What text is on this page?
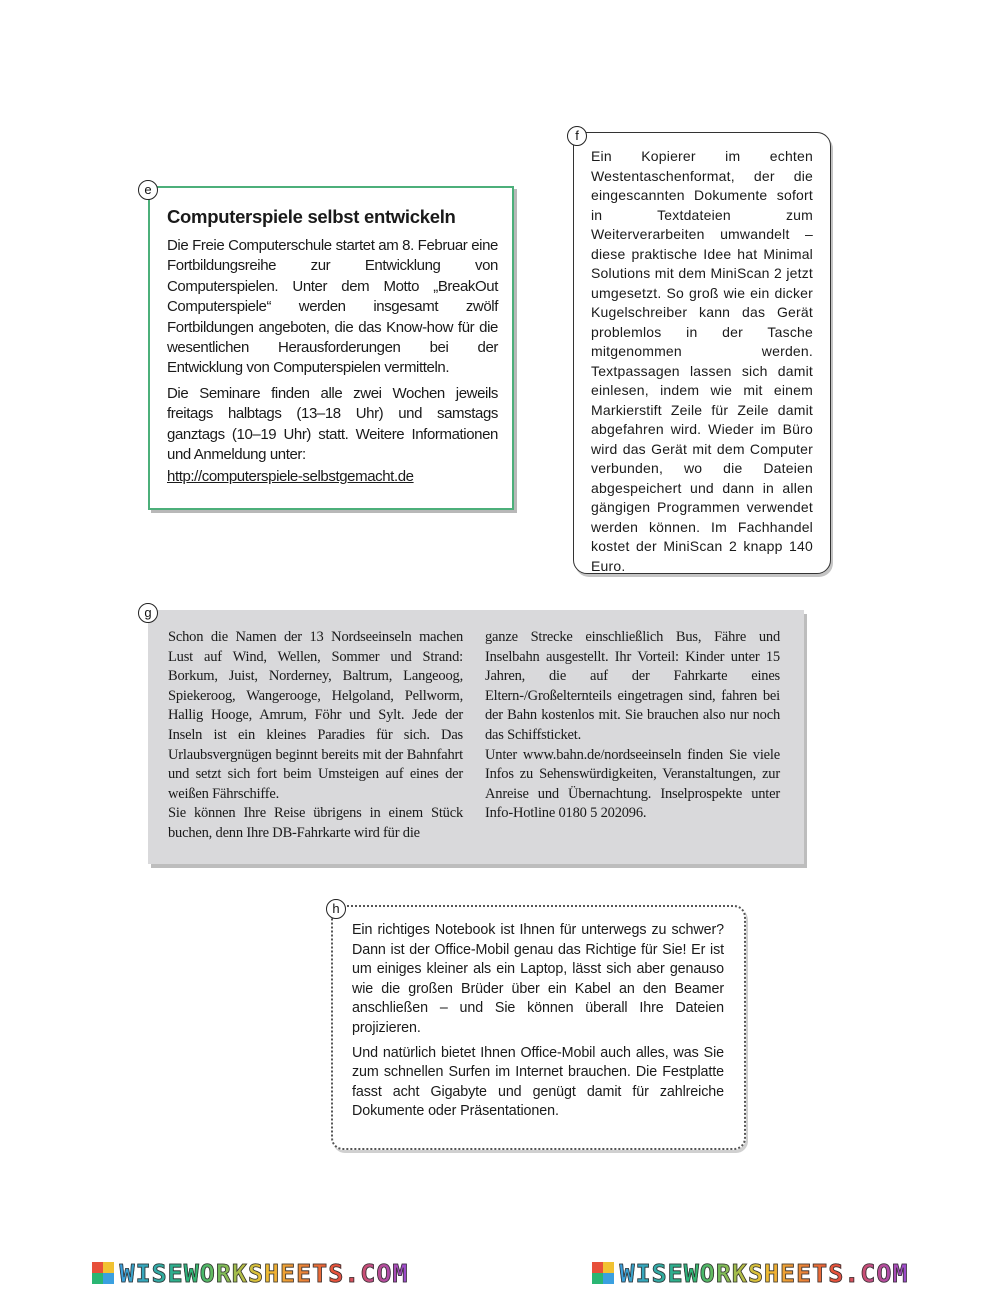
e
Computerspiele selbst entwickeln

Die Freie Computerschule startet am 8. Februar eine Fortbildungsreihe zur Entwicklung von Computerspielen. Unter dem Motto „BreakOut Computerspiele“ werden insgesamt zwölf Fortbildungen angeboten, die das Know-how für die wesentlichen Herausforderungen bei der Entwicklung von Computerspielen vermitteln.

Die Seminare finden alle zwei Wochen jeweils freitags halbtags (13–18 Uhr) und samstags ganztags (10–19 Uhr) statt. Weitere Informationen und Anmeldung unter:

http://computerspiele-selbstgemacht.de
f
Ein Kopierer im echten Westentaschenformat, der die eingescannten Dokumente sofort in Textdateien zum Weiterverarbeiten umwandelt – diese praktische Idee hat Minimal Solutions mit dem MiniScan 2 jetzt umgesetzt. So groß wie ein dicker Kugelschreiber kann das Gerät problemlos in der Tasche mitgenommen werden. Textpassagen lassen sich damit einlesen, indem wie mit einem Markierstift Zeile für Zeile damit abgefahren wird. Wieder im Büro wird das Gerät mit dem Computer verbunden, wo die Dateien abgespeichert und dann in allen gängigen Programmen verwendet werden können. Im Fachhandel kostet der MiniScan 2 knapp 140 Euro.
g

Schon die Namen der 13 Nordseeinseln machen Lust auf Wind, Wellen, Sommer und Strand: Borkum, Juist, Norderney, Baltrum, Langeoog, Spiekeroog, Wangerooge, Helgoland, Pellworm, Hallig Hooge, Amrum, Föhr und Sylt. Jede der Inseln ist ein kleines Paradies für sich. Das Urlaubsvergnügen beginnt bereits mit der Bahnfahrt und setzt sich fort beim Umsteigen auf eines der weißen Fährschiffe.

Sie können Ihre Reise übrigens in einem Stück buchen, denn Ihre DB-Fahrkarte wird für die

ganze Strecke einschließlich Bus, Fähre und Inselbahn ausgestellt. Ihr Vorteil: Kinder unter 15 Jahren, die auf der Fahrkarte eines Eltern-/Großelternteils eingetragen sind, fahren bei der Bahn kostenlos mit. Sie brauchen also nur noch das Schiffsticket.

Unter www.bahn.de/nordseeinseln finden Sie viele Infos zu Sehenswürdigkeiten, Veranstaltungen, zur Anreise und Übernachtung. Inselprospekte unter Info-Hotline 0180 5 202096.

h

Ein richtiges Notebook ist Ihnen für unterwegs zu schwer? Dann ist der Office-Mobil genau das Richtige für Sie! Er ist um einiges kleiner als ein Laptop, lässt sich aber genauso wie die großen Brüder über ein Kabel an den Beamer anschließen – und Sie können überall Ihre Dateien projizieren.

Und natürlich bietet Ihnen Office-Mobil auch alles, was Sie zum schnellen Surfen im Internet brauchen. Die Festplatte fasst acht Gigabyte und genügt damit für zahlreiche Dokumente oder Präsentationen.

WISEWORKSHEETS.COM	WISEWORKSHEETS.COM
